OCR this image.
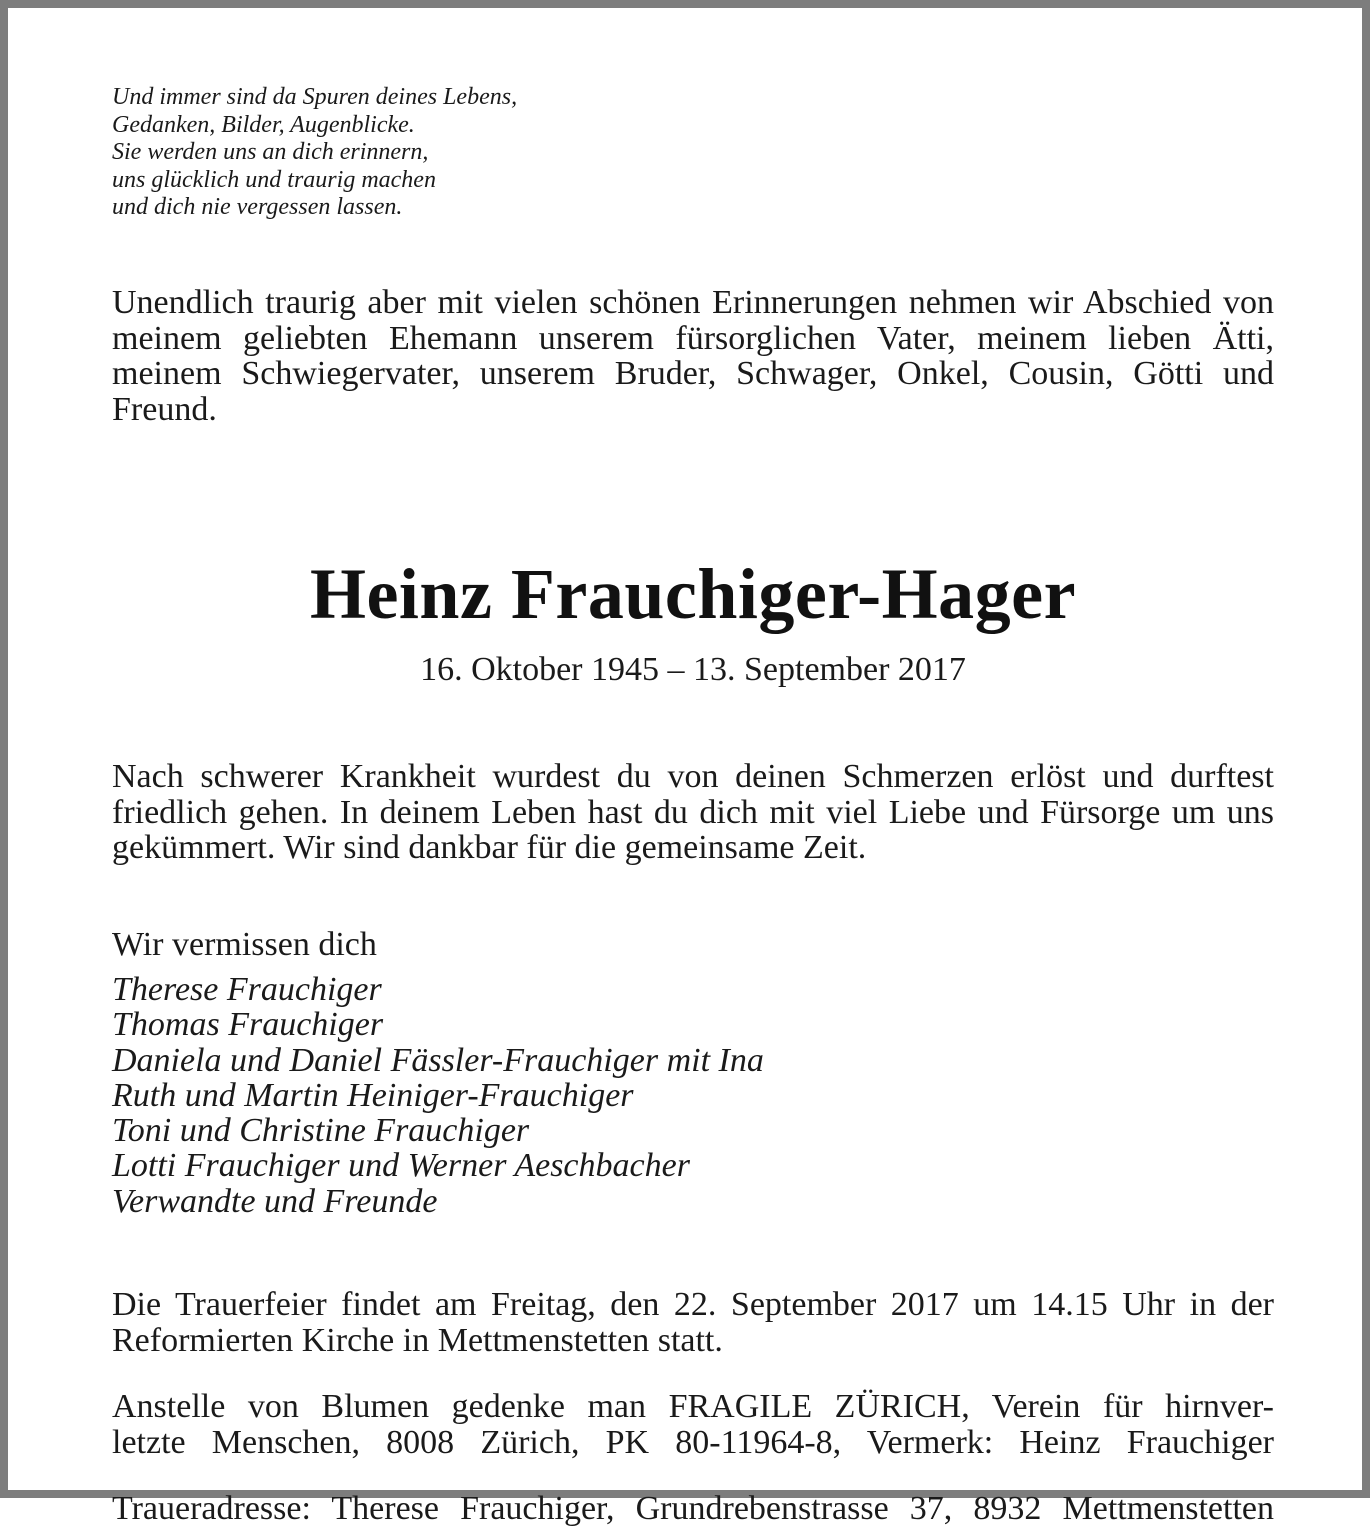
Und immer sind da Spuren deines Lebens,
Gedanken, Bilder, Augenblicke.
Sie werden uns an dich erinnern,
uns glücklich und traurig machen
und dich nie vergessen lassen.

Unendlich traurig aber mit vielen schönen Erinnerungen nehmen wir Abschied von meinem geliebten Ehemann unserem fürsorglichen Vater, meinem lieben Ätti, meinem Schwiegervater, unserem Bruder, Schwager, Onkel, Cousin, Götti und Freund.

Heinz Frauchiger-Hager
16. Oktober 1945 – 13. September 2017

Nach schwerer Krankheit wurdest du von deinen Schmerzen erlöst und durftest friedlich gehen. In deinem Leben hast du dich mit viel Liebe und Fürsorge um uns gekümmert. Wir sind dankbar für die gemeinsame Zeit.

Wir vermissen dich
Therese Frauchiger
Thomas Frauchiger
Daniela und Daniel Fässler-Frauchiger mit Ina
Ruth und Martin Heiniger-Frauchiger
Toni und Christine Frauchiger
Lotti Frauchiger und Werner Aeschbacher
Verwandte und Freunde

Die Trauerfeier findet am Freitag, den 22. September 2017 um 14.15 Uhr in der Reformierten Kirche in Mettmenstetten statt.

Anstelle von Blumen gedenke man FRAGILE ZÜRICH, Verein für hirnver-
letzte Menschen, 8008 Zürich, PK 80-11964-8, Vermerk: Heinz Frauchiger
Traueradresse: Therese Frauchiger, Grundrebenstrasse 37, 8932 Mettmenstetten
